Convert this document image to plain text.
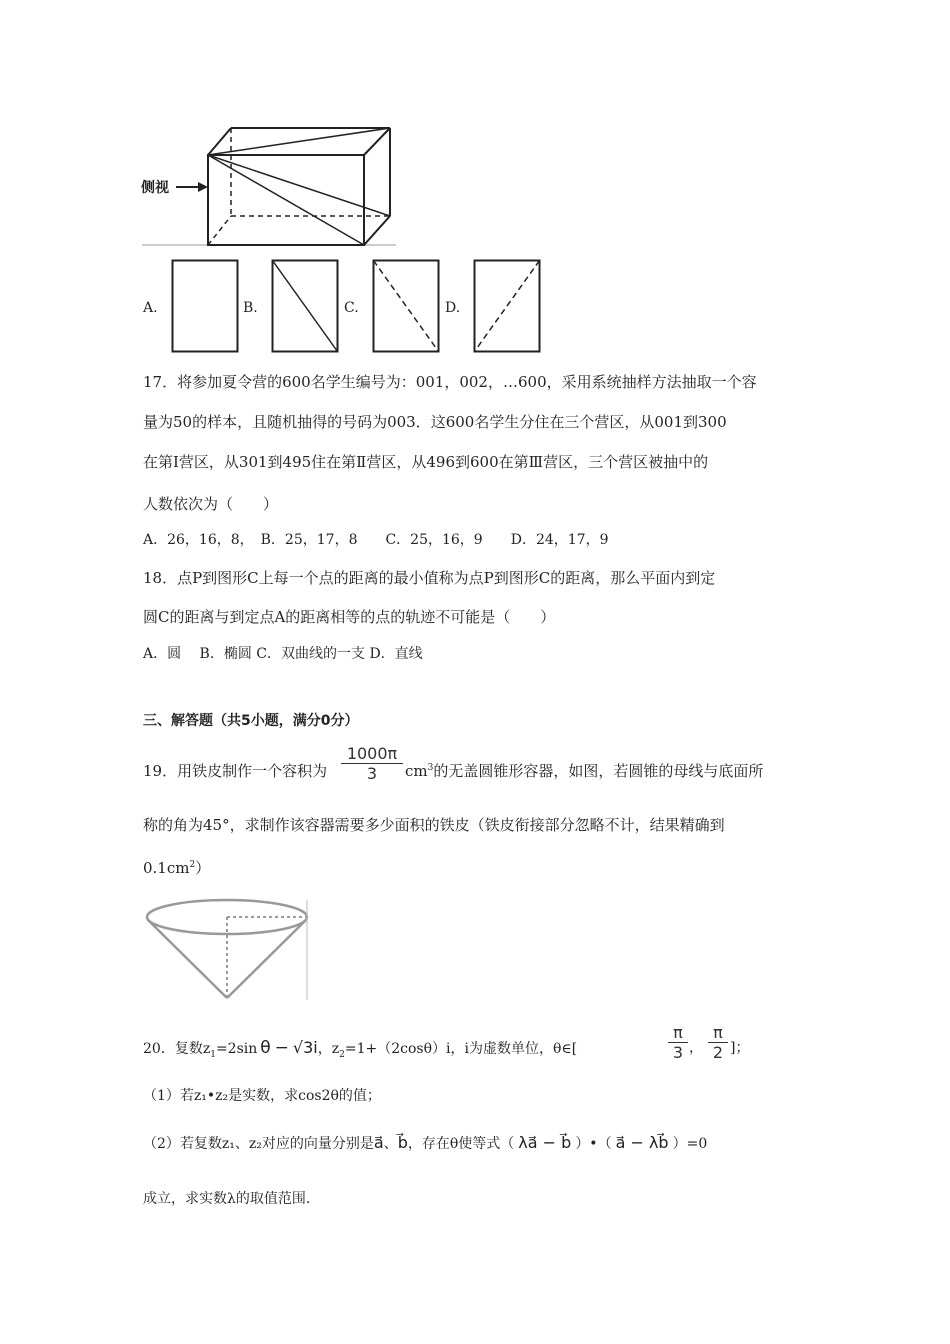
侧视
A.	B.	C.	D.
17．将参加夏令营的600名学生编号为：001，002，…600，采用系统抽样方法抽取一个容
量为50的样本，且随机抽得的号码为003．这600名学生分住在三个营区，从001到300
在第Ⅰ营区，从301到495住在第Ⅱ营区，从496到600在第Ⅲ营区，三个营区被抽中的
人数依次为（　　）
A．26，16，8，　B．25，17，8　　C．25，16，9　　D．24，17，9
18．点P到图形C上每一个点的距离的最小值称为点P到图形C的距离，那么平面内到定
圆C的距离与到定点A的距离相等的点的轨迹不可能是（　　）
A．圆　 B．椭圆 C．双曲线的一支 D．直线
三、解答题（共5小题，满分0分）
19．用铁皮制作一个容积为 $\frac{1000\pi}{3} cm^3$的无盖圆锥形容器，如图，若圆锥的母线与底面所
称的角为45°，求制作该容器需要多少面积的铁皮（铁皮衔接部分忽略不计，结果精确到
$0.1cm^2$）
20．复数$z_1=2\sin$ θ − √3i，$z_2=1+(2\cos\theta)i$，i为虚数单位，θ∈[	$\frac{\pi}{3}$ ， $\frac{\pi}{2}$ ]；
（1）若z₁•z₂是实数，求cos2θ的值；
（2）若复数z₁、z₂对应的向量分别是a⃗、b⃗，存在θ使等式（ λa⃗ − b⃗ ）•（ a⃗ − λb⃗ ）=0
成立，求实数λ的取值范围.
